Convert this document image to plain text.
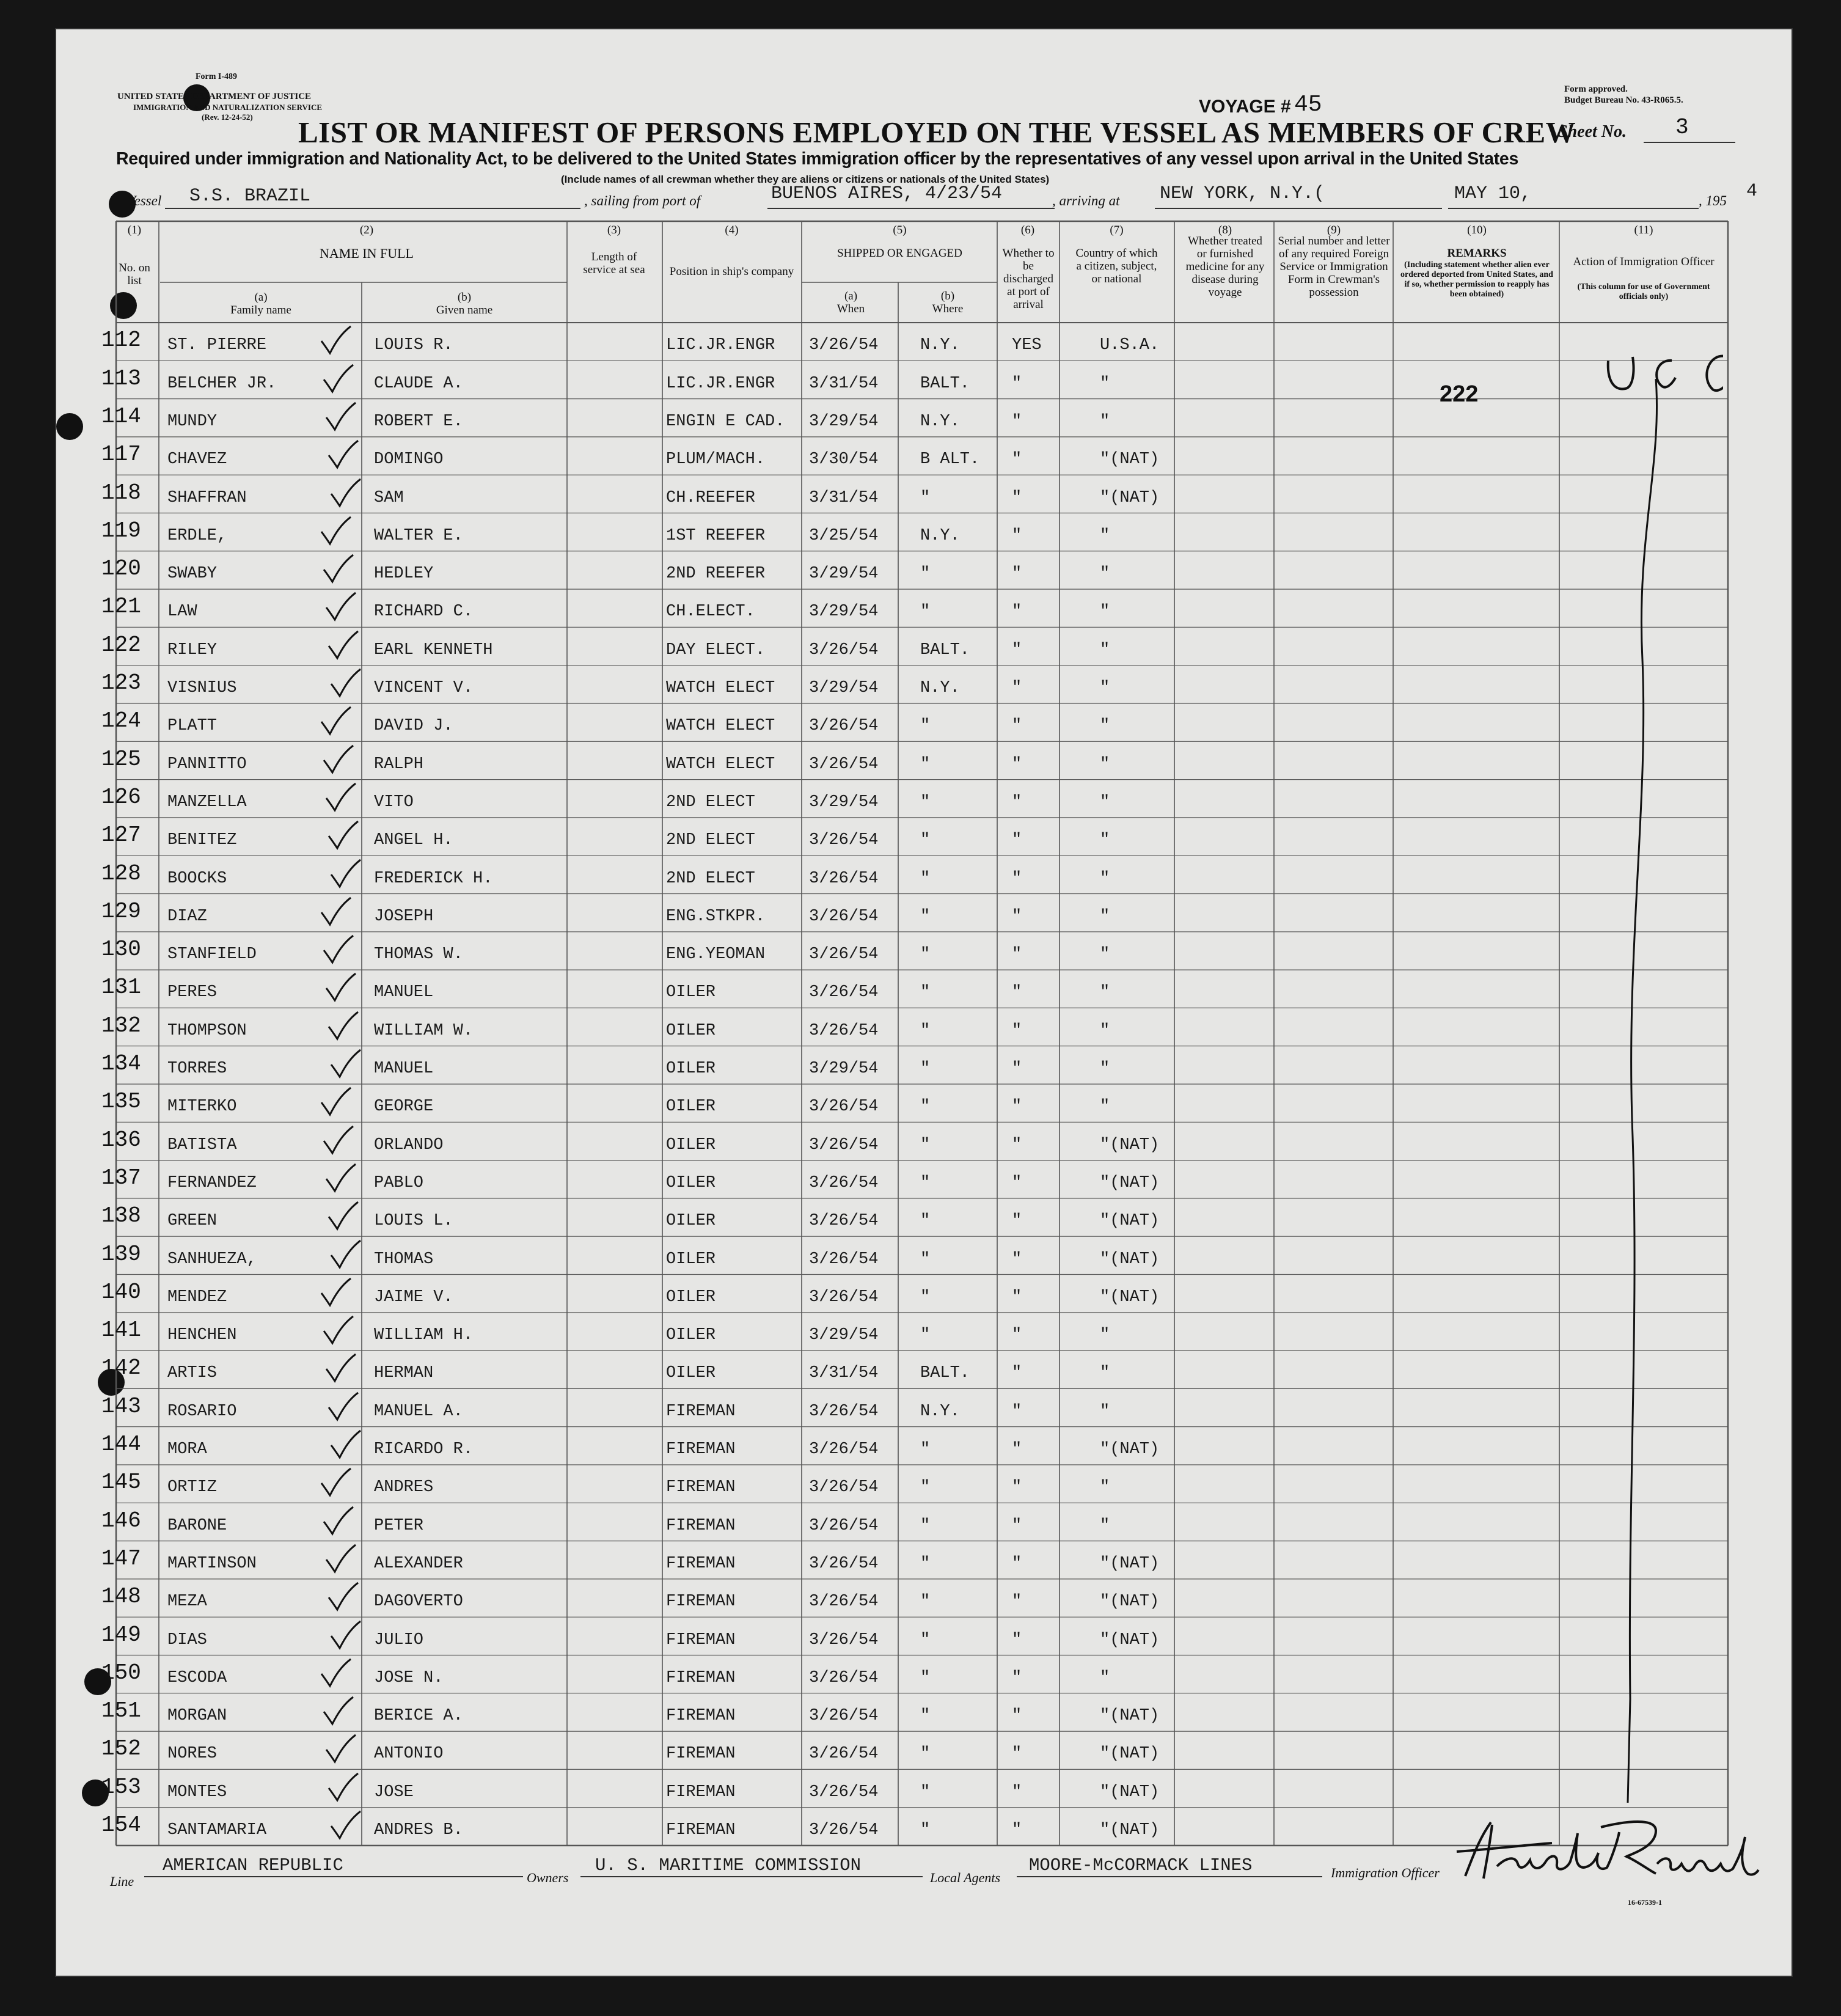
Form I-489
UNITED STATES DEPARTMENT OF JUSTICE
IMMIGRATION AND NATURALIZATION SERVICE
(Rev. 12-24-52)
Form approved.
Budget Bureau No. 43-R065.5.
VOYAGE # 45
LIST OR MANIFEST OF PERSONS EMPLOYED ON THE VESSEL AS MEMBERS OF CREW
Sheet No. 3
Required under immigration and Nationality Act, to be delivered to the United States immigration officer by the representatives of any vessel upon arrival in the United States
(Include names of all crewman whether they are aliens or citizens or nationals of the United States)
Vessel S.S. BRAZIL	, sailing from port of	BUENOS AIRES, 4/23/54	, arriving at NEW YORK, N.Y.(	MAY 10,	, 195 4
(1)
No. on list
(2)
NAME IN FULL
(a)
Family name
(b)
Given name
(3)
Length of service at sea
(4)
Position in ship's company
(5)
SHIPPED OR ENGAGED
(a)
When
(b)
Where
(6)
Whether to be discharged at port of arrival
(7)
Country of which a citizen, subject, or national
(8)
Whether treated or furnished medicine for any disease during voyage
(9)
Serial number and letter of any required Foreign Service or Immigration Form in Crewman's possession
(10)
REMARKS
(Including statement whether alien ever ordered deported from United States, and if so, whether permission to reapply has been obtained)
(11)
Action of Immigration Officer
(This column for use of Government officials only)
112 ST. PIERRE	LOUIS R.	LIC.JR.ENGR 3/26/54	N.Y.	YES	U.S.A.
113 BELCHER JR.	CLAUDE A.	LIC.JR.ENGR 3/31/54	BALT.	"	"
114 MUNDY	ROBERT E.	ENGIN E CAD. 3/29/54	N.Y.	"	"
117 CHAVEZ	DOMINGO	PLUM/MACH.	3/30/54	B ALT. "	"(NAT)
118 SHAFFRAN	SAM	CH.REEFER	3/31/54	"	"	"(NAT)
119 ERDLE,	WALTER E.	1ST REEFER	3/25/54	N.Y.	"	"
120 SWABY	HEDLEY	2ND REEFER	3/29/54	"	"	"
121 LAW	RICHARD C.	CH.ELECT.	3/29/54	"	"	"
122 RILEY	EARL KENNETH	DAY ELECT.	3/26/54	BALT.	"	"
123 VISNIUS	VINCENT V.	WATCH ELECT 3/29/54	N.Y.	"	"
124 PLATT	DAVID J.	WATCH ELECT 3/26/54	"	"	"
125 PANNITTO	RALPH	WATCH ELECT 3/26/54	"	"	"
126 MANZELLA	VITO	2ND ELECT	3/29/54	"	"	"
127 BENITEZ	ANGEL H.	2ND ELECT	3/26/54	"	"	"
128 BOOCKS	FREDERICK H.	2ND ELECT	3/26/54	"	"	"
129 DIAZ	JOSEPH	ENG.STKPR.	3/26/54	"	"	"
130 STANFIELD	THOMAS W.	ENG.YEOMAN	3/26/54	"	"	"
131 PERES	MANUEL	OILER	3/26/54	"	"	"
132 THOMPSON	WILLIAM W.	OILER	3/26/54	"	"	"
134 TORRES	MANUEL	OILER	3/29/54	"	"	"
135 MITERKO	GEORGE	OILER	3/26/54	"	"	"
136 BATISTA	ORLANDO	OILER	3/26/54	"	"	"(NAT)
137 FERNANDEZ	PABLO	OILER	3/26/54	"	"	"(NAT)
138 GREEN	LOUIS L.	OILER	3/26/54	"	"	"(NAT)
139 SANHUEZA,	THOMAS	OILER	3/26/54	"	"	"(NAT)
140 MENDEZ	JAIME V.	OILER	3/26/54	"	"	"(NAT)
141 HENCHEN	WILLIAM H.	OILER	3/29/54	"	"	"
142 ARTIS	HERMAN	OILER	3/31/54	BALT.	"	"
143 ROSARIO	MANUEL A.	FIREMAN	3/26/54	N.Y.	"	"
144 MORA	RICARDO R.	FIREMAN	3/26/54	"	"	"(NAT)
145 ORTIZ	ANDRES	FIREMAN	3/26/54	"	"	"
146 BARONE	PETER	FIREMAN	3/26/54	"	"	"
147 MARTINSON	ALEXANDER	FIREMAN	3/26/54	"	"	"(NAT)
148 MEZA	DAGOVERTO	FIREMAN	3/26/54	"	"	"(NAT)
149 DIAS	JULIO	FIREMAN	3/26/54	"	"	"(NAT)
150 ESCODA	JOSE N.	FIREMAN	3/26/54	"	"	"
151 MORGAN	BERICE A.	FIREMAN	3/26/54	"	"	"(NAT)
152 NORES	ANTONIO	FIREMAN	3/26/54	"	"	"(NAT)
153 MONTES	JOSE	FIREMAN	3/26/54	"	"	"(NAT)
154 SANTAMARIA	ANDRES B.	FIREMAN	3/26/54	"	"	"(NAT)
222
Line
AMERICAN REPUBLIC
Owners
U. S. MARITIME COMMISSION
Local Agents
MOORE-McCORMACK LINES	Immigration Officer
16-67539-1
